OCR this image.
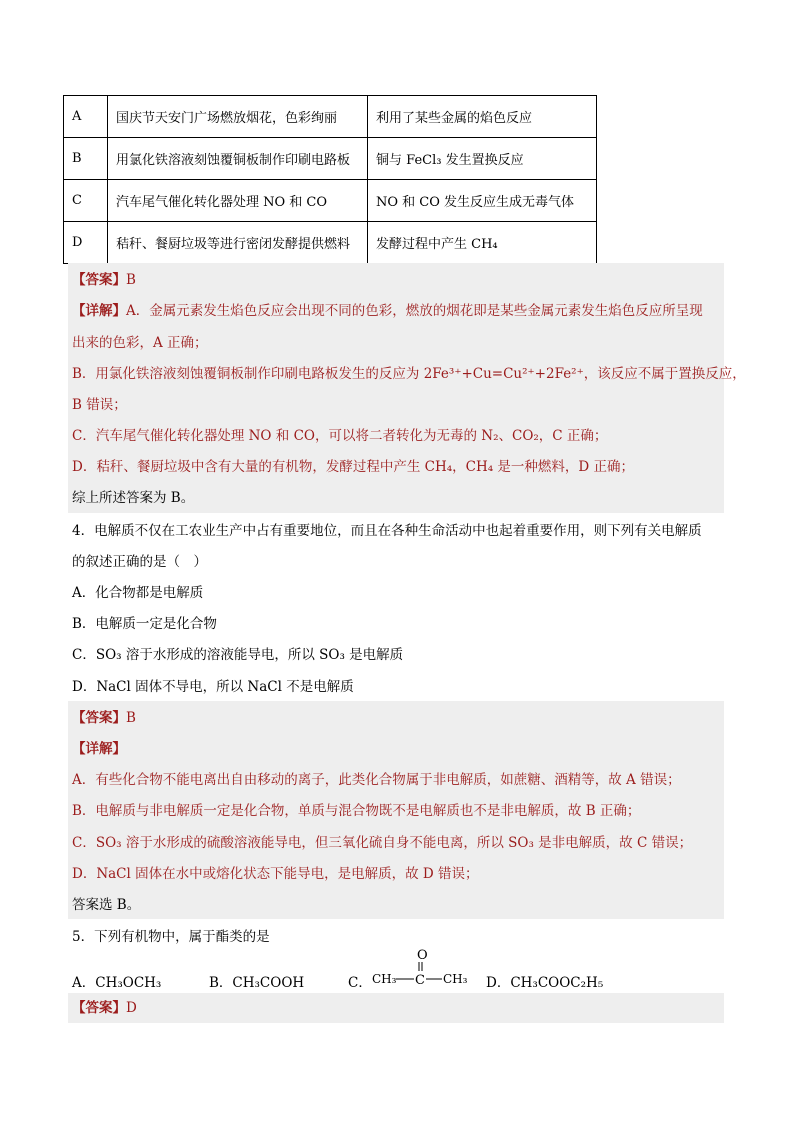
A	国庆节天安门广场燃放烟花，色彩绚丽	利用了某些金属的焰色反应
B	用氯化铁溶液刻蚀覆铜板制作印刷电路板	铜与 FeCl₃ 发生置换反应
C	汽车尾气催化转化器处理 NO 和 CO	NO 和 CO 发生反应生成无毒气体
D	秸秆、餐厨垃圾等进行密闭发酵提供燃料	发酵过程中产生 CH₄
【答案】B
【详解】A．金属元素发生焰色反应会出现不同的色彩，燃放的烟花即是某些金属元素发生焰色反应所呈现
出来的色彩，A 正确；
B．用氯化铁溶液刻蚀覆铜板制作印刷电路板发生的反应为 2Fe³⁺+Cu=Cu²⁺+2Fe²⁺，该反应不属于置换反应，
B 错误；
C．汽车尾气催化转化器处理 NO 和 CO，可以将二者转化为无毒的 N₂、CO₂，C 正确；
D．秸秆、餐厨垃圾中含有大量的有机物，发酵过程中产生 CH₄，CH₄ 是一种燃料，D 正确；
综上所述答案为 B。
4．电解质不仅在工农业生产中占有重要地位，而且在各种生命活动中也起着重要作用，则下列有关电解质
的叙述正确的是（　）
A．化合物都是电解质
B．电解质一定是化合物
C．SO₃ 溶于水形成的溶液能导电，所以 SO₃ 是电解质
D．NaCl 固体不导电，所以 NaCl 不是电解质
【答案】B
【详解】
A．有些化合物不能电离出自由移动的离子，此类化合物属于非电解质，如蔗糖、酒精等，故 A 错误；
B．电解质与非电解质一定是化合物，单质与混合物既不是电解质也不是非电解质，故 B 正确；
C．SO₃ 溶于水形成的硫酸溶液能导电，但三氧化硫自身不能电离，所以 SO₃ 是非电解质，故 C 错误；
D．NaCl 固体在水中或熔化状态下能导电，是电解质，故 D 错误；
答案选 B。
5．下列有机物中，属于酯类的是
A．CH₃OCH₃	B．CH₃COOH	C．
O
CH₃ C CH₃ D．CH₃COOC₂H₅
【答案】D
